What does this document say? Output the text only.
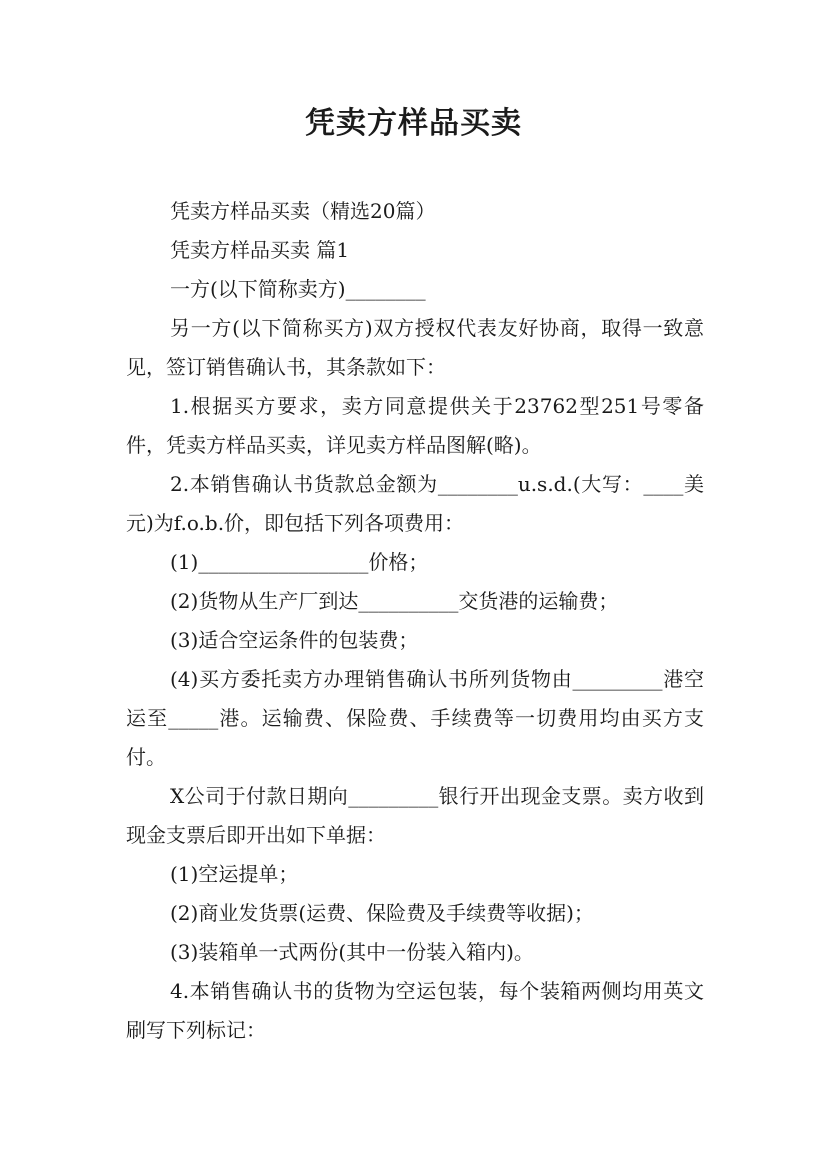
凭卖方样品买卖

凭卖方样品买卖（精选20篇）

凭卖方样品买卖 篇1

一方(以下简称卖方)________

另一方(以下简称买方)双方授权代表友好协商，取得一致意见，签订销售确认书，其条款如下：

1.根据买方要求，卖方同意提供关于23762型251号零备件，凭卖方样品买卖，详见卖方样品图解(略)。

2.本销售确认书货款总金额为________u.s.d.(大写：____美元)为f.o.b.价，即包括下列各项费用：

(1)_________________价格；

(2)货物从生产厂到达__________交货港的运输费；

(3)适合空运条件的包装费；

(4)买方委托卖方办理销售确认书所列货物由_________港空运至_____港。运输费、保险费、手续费等一切费用均由买方支付。

X公司于付款日期向_________银行开出现金支票。卖方收到现金支票后即开出如下单据：

(1)空运提单；

(2)商业发货票(运费、保险费及手续费等收据)；

(3)装箱单一式两份(其中一份装入箱内)。

4.本销售确认书的货物为空运包装，每个装箱两侧均用英文刷写下列标记：
